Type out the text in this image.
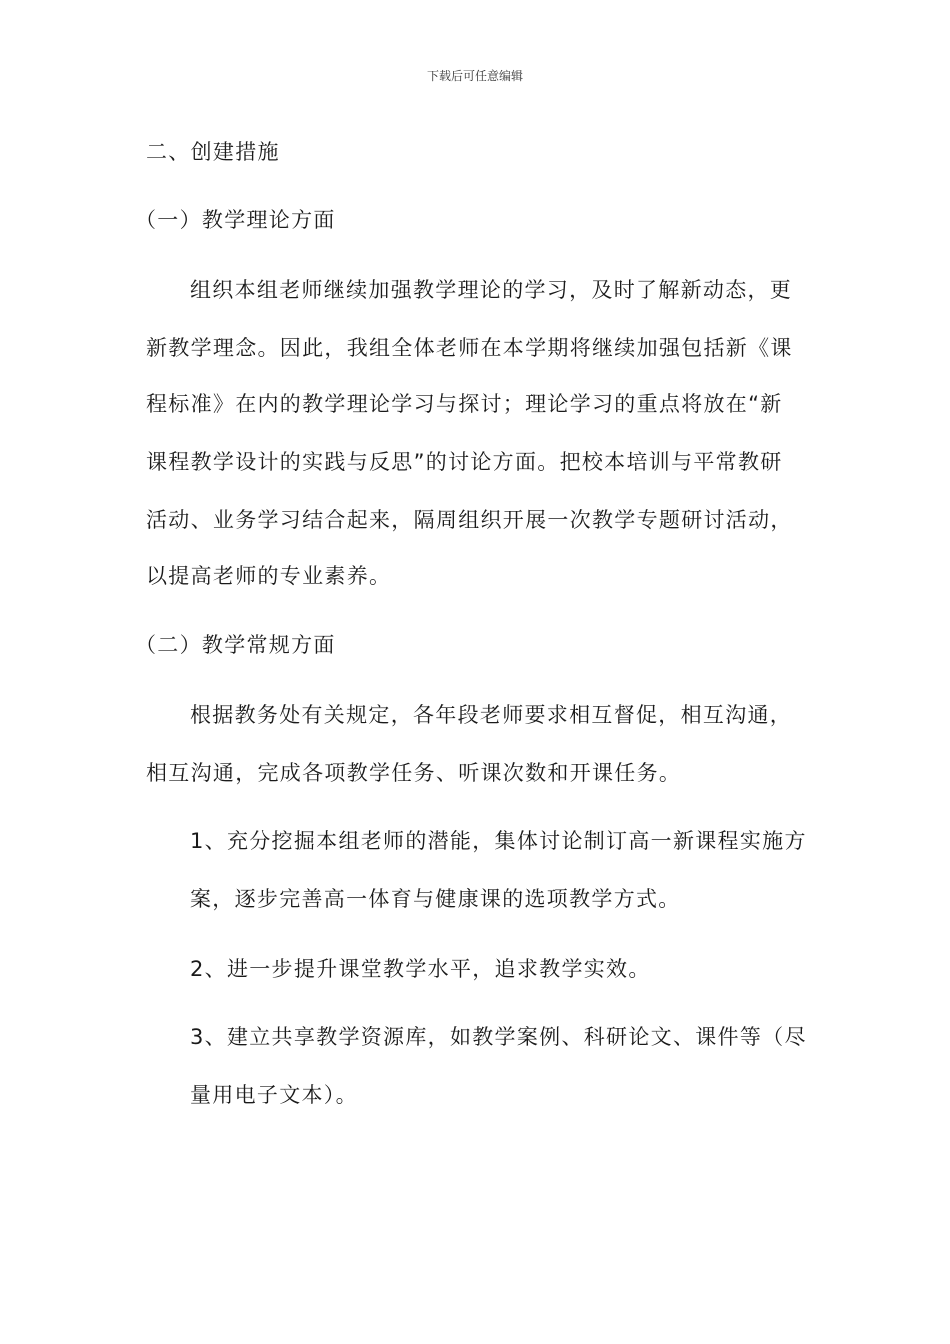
下载后可任意编辑
二、创建措施
（一）教学理论方面
组织本组老师继续加强教学理论的学习，及时了解新动态，更
新教学理念。因此，我组全体老师在本学期将继续加强包括新《课
程标准》在内的教学理论学习与探讨；理论学习的重点将放在“新
课程教学设计的实践与反思”的讨论方面。把校本培训与平常教研
活动、业务学习结合起来，隔周组织开展一次教学专题研讨活动，
以提高老师的专业素养。
（二）教学常规方面
根据教务处有关规定，各年段老师要求相互督促，相互沟通，
相互沟通，完成各项教学任务、听课次数和开课任务。
1、充分挖掘本组老师的潜能，集体讨论制订高一新课程实施方
案，逐步完善高一体育与健康课的选项教学方式。
2、进一步提升课堂教学水平，追求教学实效。
3、建立共享教学资源库，如教学案例、科研论文、课件等（尽
量用电子文本）。
